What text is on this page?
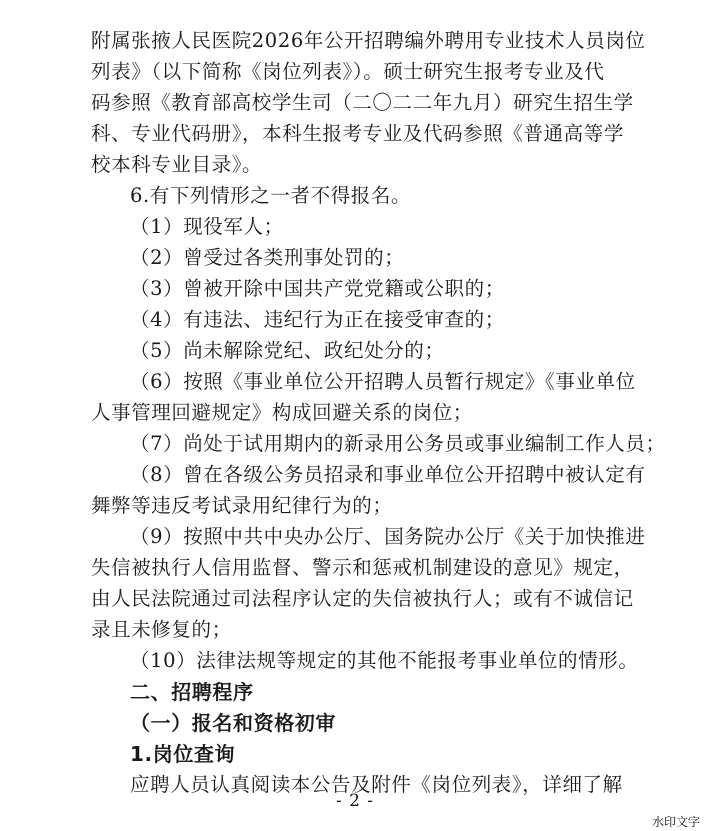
附属张掖人民医院2026年公开招聘编外聘用专业技术人员岗位
列表》（以下简称《岗位列表》）。硕士研究生报考专业及代
码参照《教育部高校学生司（二〇二二年九月）研究生招生学
科、专业代码册》，本科生报考专业及代码参照《普通高等学
校本科专业目录》。
6.有下列情形之一者不得报名。
（1）现役军人；
（2）曾受过各类刑事处罚的；
（3）曾被开除中国共产党党籍或公职的；
（4）有违法、违纪行为正在接受审查的；
（5）尚未解除党纪、政纪处分的；
（6）按照《事业单位公开招聘人员暂行规定》《事业单位
人事管理回避规定》构成回避关系的岗位；
（7）尚处于试用期内的新录用公务员或事业编制工作人员；
（8）曾在各级公务员招录和事业单位公开招聘中被认定有
舞弊等违反考试录用纪律行为的；
（9）按照中共中央办公厅、国务院办公厅《关于加快推进
失信被执行人信用监督、警示和惩戒机制建设的意见》规定，
由人民法院通过司法程序认定的失信被执行人；或有不诚信记
录且未修复的；
（10）法律法规等规定的其他不能报考事业单位的情形。
二、招聘程序
（一）报名和资格初审
1.岗位查询
应聘人员认真阅读本公告及附件《岗位列表》，详细了解
- 2 -
水印文字
